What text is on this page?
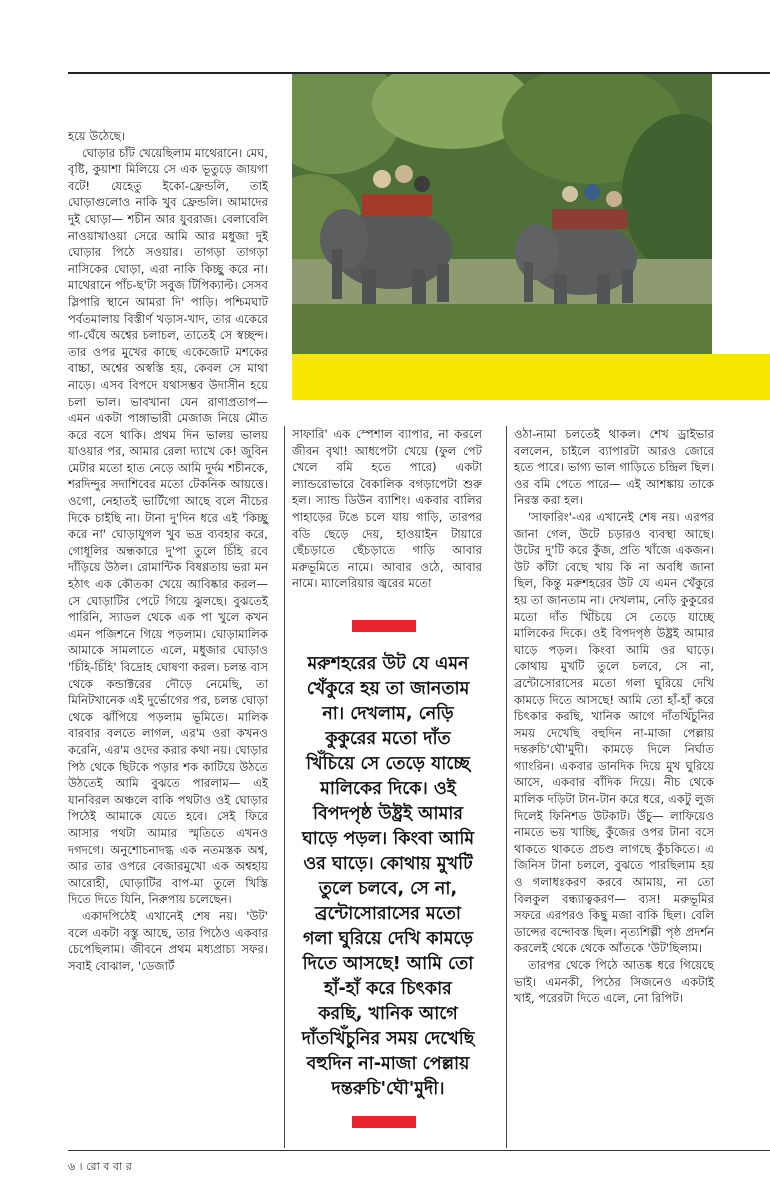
হয়ে উঠেছে।

ঘোড়ার চাঁট খেয়েছিলাম মাথেরানে। মেঘ, বৃষ্টি, কুয়াশা মিলিয়ে সে এক ভূতুড়ে জায়গা বটে! যেহেতু ইকো-ফ্রেন্ডলি, তাই ঘোড়াগুলোও নাকি খুব ফ্রেন্ডলি। আমাদের দুই ঘোড়া— শচীন আর যুবরাজ। বেলাবেলি নাওয়াখাওয়া সেরে আমি আর মধুজা দুই ঘোড়ার পিঠে সওয়ার। তাগড়া তাগড়া নাসিকের ঘোড়া, এরা নাকি কিচ্ছু করে না। মাথেরানে পাঁচ-ছ'টা সবুজ টিপিক্যাল্ট। সেসব স্লিপারি স্থানে আমরা দি' পাড়ি। পশ্চিমঘাট পর্বতমালায় বিস্তীর্ণ খড়াস-খাদ, তার একেরে গা-ঘেঁষে অশ্বের চলাচল, তাতেই সে স্বচ্ছন্দ। তার ওপর মুখের কাছে একেজোট মশকের বাচ্চা, অশ্বের অস্বস্তি হয়, কেবল সে মাথা নাড়ে। এসব বিপদে যথাসম্ভব উদাসীন হয়ে চলা ভাল। ভাবখানা যেন রাণাপ্রতাপ— এমন একটা পাঙ্গাভারী মেজাজ নিয়ে মৌত করে বসে থাকি। প্রথম দিন ভালয় ভালয় যাওয়ার পর, আমার রেলা দ্যাখে কে! জুবিন মেটার মতো হাত নেড়ে আমি দুর্দম শচীনকে, শরদিন্দুর সদাশিবের মতো টেকনিক আয়ত্তে। ওগো, নেহাতই ভার্টিগো আছে বলে নীচের দিকে চাইছি না। টানা দু'দিন ধরে এই 'কিচ্ছু করে না' ঘোড়াযুগল খুব ভদ্র ব্যবহার করে, গোধূলির অন্ধকারে দু'পা তুলে চিঁহি রবে দাঁড়িয়ে উঠল। রোমান্টিক বিষণ্ণতায় ভরা মন হঠাৎ এক কৌতকা খেয়ে আবিষ্কার করল— সে ঘোড়াটির পেটে গিয়ে ঝুলছে। বুঝতেই পারিনি, স্যাডল থেকে এক পা খুলে কখন এমন পজিশনে গিয়ে পড়লাম। ঘোড়ামালিক আমাকে সামলাতে এলে, মধুজার ঘোড়াও 'চিঁহি-চিঁহি' বিদ্রোহ ঘোষণা করল। চলন্ত বাস থেকে কন্ডাক্টরের দৌড়ে নেমেছি, তা মিনিটখানেক এই দুর্ভোগের পর, চলন্ত ঘোড়া থেকে ঝাঁপিয়ে পড়লাম ভূমিতে। মালিক বারবার বলতে লাগল, এর'ম ওরা কখনও করেনি, এর'ম ওদের করার কথা নয়। ঘোড়ার পিঠ থেকে ছিটকে পড়ার শক কাটিয়ে উঠতে উঠতেই আমি বুঝতে পারলাম— এই যানবিরল অঞ্চলে বাকি পথটাও ওই ঘোড়ার পিঠেই আমাকে যেতে হবে। সেই ফিরে আসার পথটা আমার স্মৃতিতে এখনও দগদগে। অনুশোচনাদগ্ধ এক নতমস্তক অশ্ব, আর তার ওপরে বেজারমুখো এক অশ্বহায় আরোহী, ঘোড়াটির বাপ-মা তুলে খিস্তি দিতে দিতে যিনি, নিরুপায় চলেছেন।

একাদপিঠেই এখানেই শেষ নয়। 'উট' বলে একটা বস্তু আছে, তার পিঠেও একবার চেপেছিলাম। জীবনে প্রথম মধ্যপ্রাচ্য সফর। সবাই বোঝাল, 'ডেজার্ট

সাফারি' এক স্পেশাল ব্যাপার, না করলে জীবন বৃথা! আধপেটা খেয়ে (ফুল পেট খেলে বমি হতে পারে) একটা ল্যান্ডরোভারে বৈকালিক বগড়াপেটা শুরু হল। স্যান্ড ডিউন ব্যাশিং। একবার বালির পাহাড়ের টঙে চলে যায় গাড়ি, তারপর বডি ছেড়ে দেয়, হাওয়াইন টায়ারে ছেঁচড়াতে ছেঁচড়াতে গাড়ি আবার মরুভূমিতে নামে। আবার ওঠে, আবার নামে। ম্যালেরিয়ার জ্বরের মতো

মরুশহরের উট যে এমন খেঁকুরে হয় তা জানতাম না। দেখলাম, নেড়ি কুকুরের মতো দাঁত খিঁচিয়ে সে তেড়ে যাচ্ছে মালিকের দিকে। ওই বিপদপৃষ্ঠ উষ্ট্রই আমার ঘাড়ে পড়ল। কিংবা আমি ওর ঘাড়ে। কোথায় মুখটি তুলে চলবে, সে না, ব্রন্টোসোরাসের মতো গলা ঘুরিয়ে দেখি কামড়ে দিতে আসছে! আমি তো হাঁ-হাঁ করে চিৎকার করছি, খানিক আগে দাঁতখিঁচুনির সময় দেখেছি বহুদিন না-মাজা পেল্লায় দন্তরুচি'ঘৌ'মুদী।

ওঠা-নামা চলতেই থাকল। শেখ ড্রাইভার বললেন, চাইলে ব্যাপারটা আরও জোরে হতে পারে। ভাগ্য ভাল গাড়িতে চন্দ্রিল ছিল। ওর বমি পেতে পারে— এই আশঙ্কায় তাকে নিরস্ত করা হল।

'সাফারিং'-এর এখানেই শেষ নয়। এরপর জানা গেল, উটে চড়ারও ব্যবস্থা আছে। উটের দু'টি করে কুঁজ, প্রতি খাঁজে একজন। উট কাঁটা বেছে খায় কি না অবধি জানা ছিল, কিন্তু মরুশহরের উট যে এমন খেঁকুরে হয় তা জানতাম না। দেখলাম, নেড়ি কুকুরের মতো দাঁত খিঁচিয়ে সে তেড়ে যাচ্ছে মালিকের দিকে। ওই বিপদপৃষ্ঠ উষ্ট্রই আমার ঘাড়ে পড়ল। কিংবা আমি ওর ঘাড়ে। কোথায় মুখটি তুলে চলবে, সে না, ব্রন্টোসোরাসের মতো গলা ঘুরিয়ে দেখি কামড়ে দিতে আসছে! আমি তো হাঁ-হাঁ করে চিৎকার করছি, খানিক আগে দাঁতখিঁচুনির সময় দেখেছি বহুদিন না-মাজা পেল্লায় দন্তরুচি'ঘৌ'মুদী। কামড়ে দিলে নির্ঘাত গ্যাংরিন। একবার ডানদিক দিয়ে মুখ ঘুরিয়ে আসে, একবার বাঁদিক দিয়ে। নীচ থেকে মালিক দড়িটা টান-টান করে ধরে, একটু লুজ দিলেই ফিনিশড উটকাট। উঁচু— লাফিয়েও নামতে ভয় খাচ্ছি, কুঁজের ওপর টানা বসে থাকতে থাকতে প্রচণ্ড লাগছে কুঁচকিতে। এ জিনিস টানা চললে, বুঝতে পারছিলাম হয় ও গলাধঃকরণ করবে আমায়, না তো বিলকুল বন্ধ্যাত্বকরণ— ব্যস! মরুভূমির সফরে এরপরও কিছু মজা বাকি ছিল। বেলি ডান্সের বন্দোবস্ত ছিল। নৃত্যশিল্পী পৃষ্ঠ প্রদর্শন করলেই থেকে থেকে আঁতকে 'উট'ছিলাম।

তারপর থেকে পিঠে আতঙ্ক ধরে গিয়েছে ভাই। এমনকী, পিঠের সিজনেও একটাই খাই, পরেরটা দিতে এলে, নো রিপিট।

৬ । রো ব বা র
